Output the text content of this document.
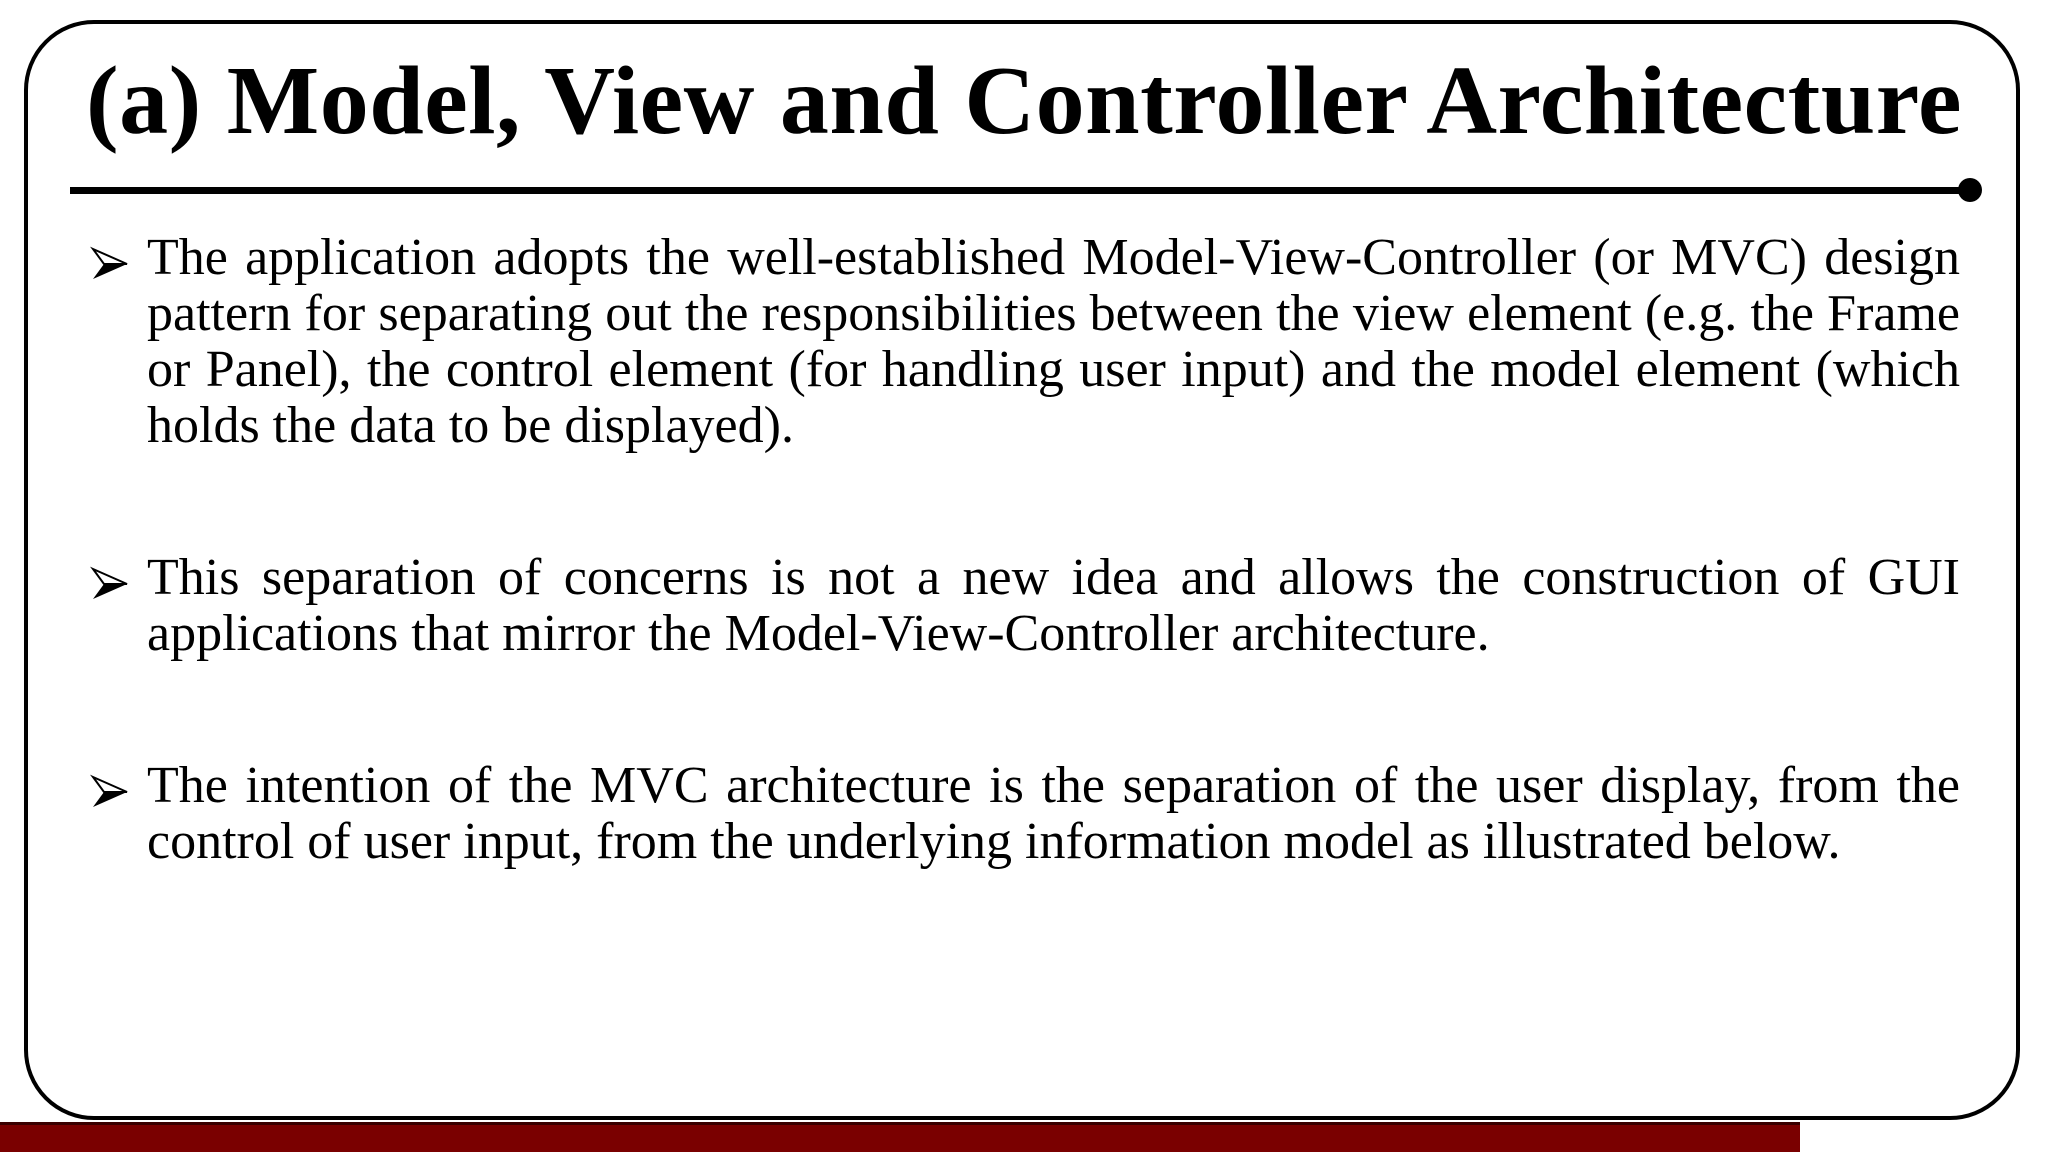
(a) Model, View and Controller Architecture

The application adopts the well-established Model-View-Controller (or MVC) design pattern for separating out the responsibilities between the view element (e.g. the Frame or Panel), the control element (for handling user input) and the model element (which holds the data to be displayed).

This separation of concerns is not a new idea and allows the construction of GUI applications that mirror the Model-View-Controller architecture.

The intention of the MVC architecture is the separation of the user display, from the control of user input, from the underlying information model as illustrated below.
